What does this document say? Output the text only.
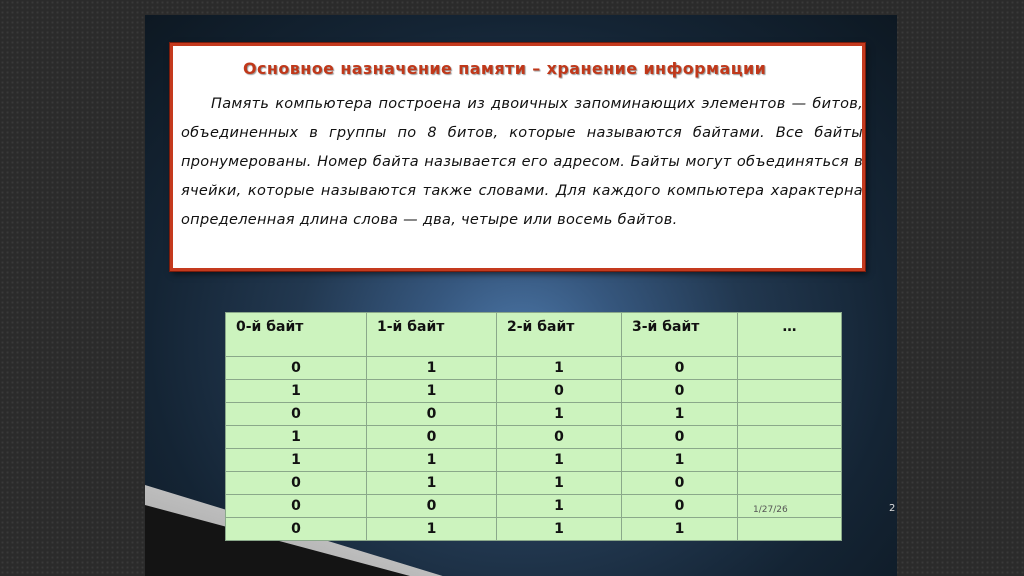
Основное назначение памяти – хранение информации

Память компьютера построена из двоичных запоминающих элементов — битов, объединенных в группы по 8 битов, которые называются байтами. Все байты пронумерованы. Номер байта называется его адресом. Байты могут объединяться в ячейки, которые называются также словами. Для каждого компьютера характерна определенная длина слова — два, четыре или восемь байтов.

0-й байт	1-й байт	2-й байт	3-й байт	…
0	1	1	0	
1	1	0	0	
0	0	1	1	
1	0	0	0	
1	1	1	1	
0	1	1	0	
0	0	1	0	
0	1	1	1	
1/27/26	2
